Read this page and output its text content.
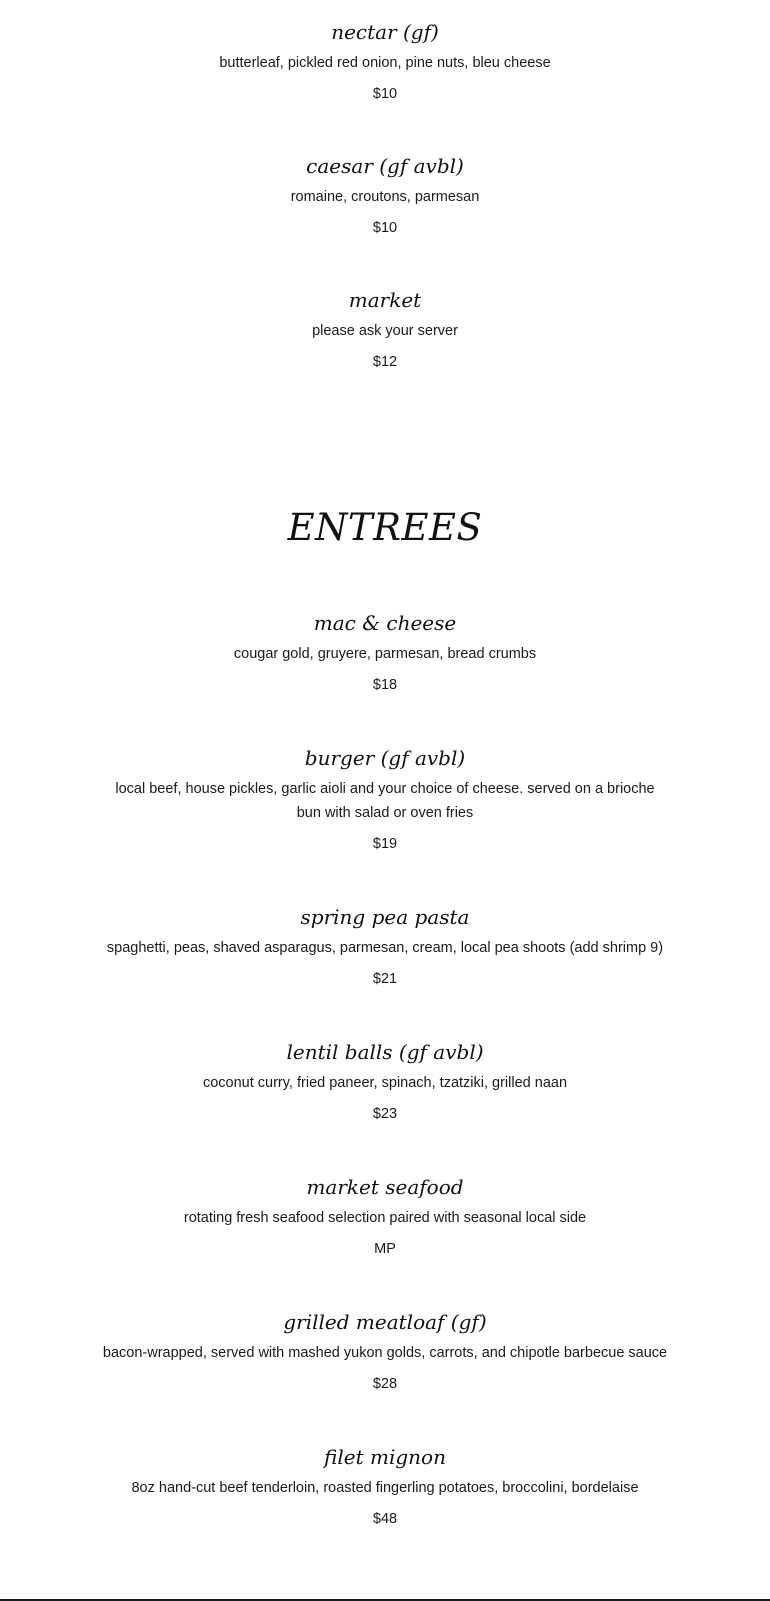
nectar (gf)
butterleaf, pickled red onion, pine nuts, bleu cheese
$10
caesar (gf avbl)
romaine, croutons, parmesan
$10
market
please ask your server
$12
ENTREES
mac & cheese
cougar gold, gruyere, parmesan, bread crumbs
$18
burger (gf avbl)
local beef, house pickles, garlic aioli and your choice of cheese. served on a brioche bun with salad or oven fries
$19
spring pea pasta
spaghetti, peas, shaved asparagus, parmesan, cream, local pea shoots (add shrimp 9)
$21
lentil balls (gf avbl)
coconut curry, fried paneer, spinach, tzatziki, grilled naan
$23
market seafood
rotating fresh seafood selection paired with seasonal local side
MP
grilled meatloaf (gf)
bacon-wrapped, served with mashed yukon golds, carrots, and chipotle barbecue sauce
$28
filet mignon
8oz hand-cut beef tenderloin, roasted fingerling potatoes, broccolini, bordelaise
$48
